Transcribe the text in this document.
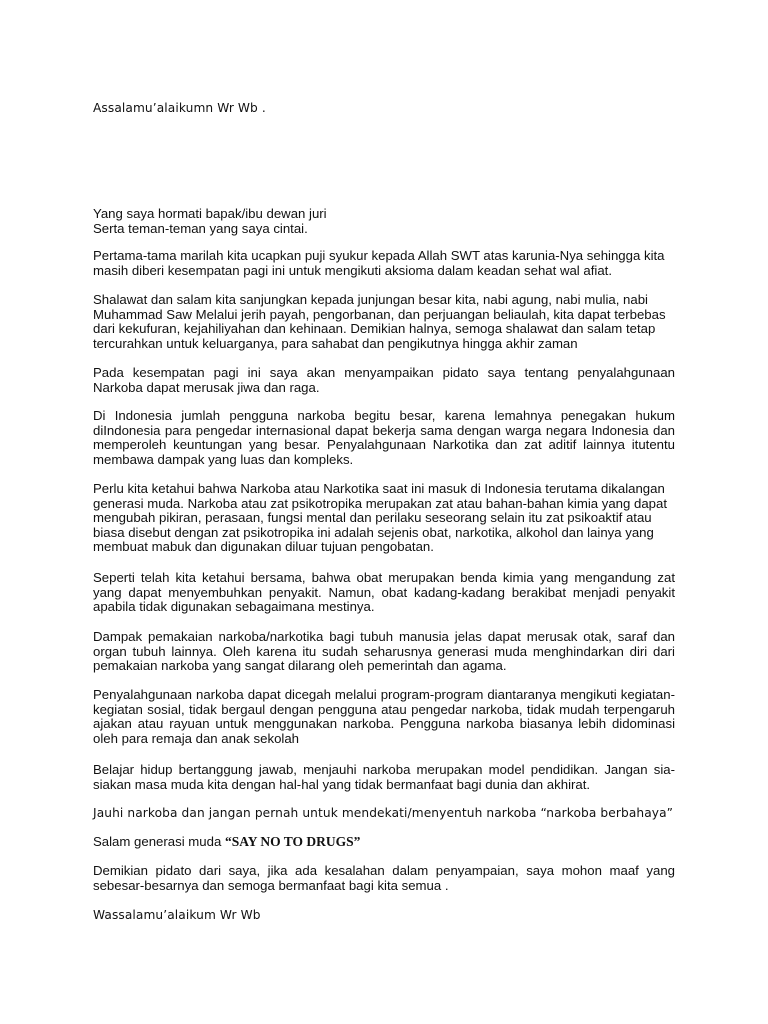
Assalamu’alaikumn Wr Wb .
Yang saya hormati bapak/ibu dewan juri
Serta teman-teman yang saya cintai.

Pertama-tama marilah kita ucapkan puji syukur kepada Allah SWT atas karunia-Nya sehingga kita masih diberi kesempatan pagi ini untuk mengikuti aksioma dalam keadan sehat wal afiat.

Shalawat dan salam kita sanjungkan kepada junjungan besar kita, nabi agung, nabi mulia, nabi Muhammad Saw Melalui jerih payah, pengorbanan, dan perjuangan beliaulah, kita dapat terbebas dari kekufuran, kejahiliyahan dan kehinaan. Demikian halnya, semoga shalawat dan salam tetap tercurahkan untuk keluarganya, para sahabat dan pengikutnya hingga akhir zaman

Pada kesempatan pagi ini saya akan menyampaikan pidato saya tentang penyalahgunaan Narkoba dapat merusak jiwa dan raga.

Di Indonesia jumlah pengguna narkoba begitu besar, karena lemahnya penegakan hukum diIndonesia para pengedar internasional dapat bekerja sama dengan warga negara Indonesia dan memperoleh keuntungan yang besar. Penyalahgunaan Narkotika dan zat aditif lainnya itutentu membawa dampak yang luas dan kompleks.

Perlu kita ketahui bahwa Narkoba atau Narkotika saat ini masuk di Indonesia terutama dikalangan generasi muda. Narkoba atau zat psikotropika merupakan zat atau bahan-bahan kimia yang dapat mengubah pikiran, perasaan, fungsi mental dan perilaku seseorang selain itu zat psikoaktif atau biasa disebut dengan zat psikotropika ini adalah sejenis obat, narkotika, alkohol dan lainya yang membuat mabuk dan digunakan diluar tujuan pengobatan.

Seperti telah kita ketahui bersama, bahwa obat merupakan benda kimia yang mengandung zat yang dapat menyembuhkan penyakit. Namun, obat kadang-kadang berakibat menjadi penyakit apabila tidak digunakan sebagaimana mestinya.

Dampak pemakaian narkoba/narkotika bagi tubuh manusia jelas dapat merusak otak, saraf dan organ tubuh lainnya. Oleh karena itu sudah seharusnya generasi muda menghindarkan diri dari pemakaian narkoba yang sangat dilarang oleh pemerintah dan agama.

Penyalahgunaan narkoba dapat dicegah melalui program-program diantaranya mengikuti kegiatan-kegiatan sosial, tidak bergaul dengan pengguna atau pengedar narkoba, tidak mudah terpengaruh ajakan atau rayuan untuk menggunakan narkoba. Pengguna narkoba biasanya lebih didominasi oleh para remaja dan anak sekolah

Belajar hidup bertanggung jawab, menjauhi narkoba merupakan model pendidikan. Jangan sia-siakan masa muda kita dengan hal-hal yang tidak bermanfaat bagi dunia dan akhirat.

Jauhi narkoba dan jangan pernah untuk mendekati/menyentuh narkoba “narkoba berbahaya”
Salam generasi muda “SAY NO TO DRUGS”

Demikian pidato dari saya, jika ada kesalahan dalam penyampaian, saya mohon maaf yang sebesar-besarnya dan semoga bermanfaat bagi kita semua .

Wassalamu’alaikum Wr Wb
